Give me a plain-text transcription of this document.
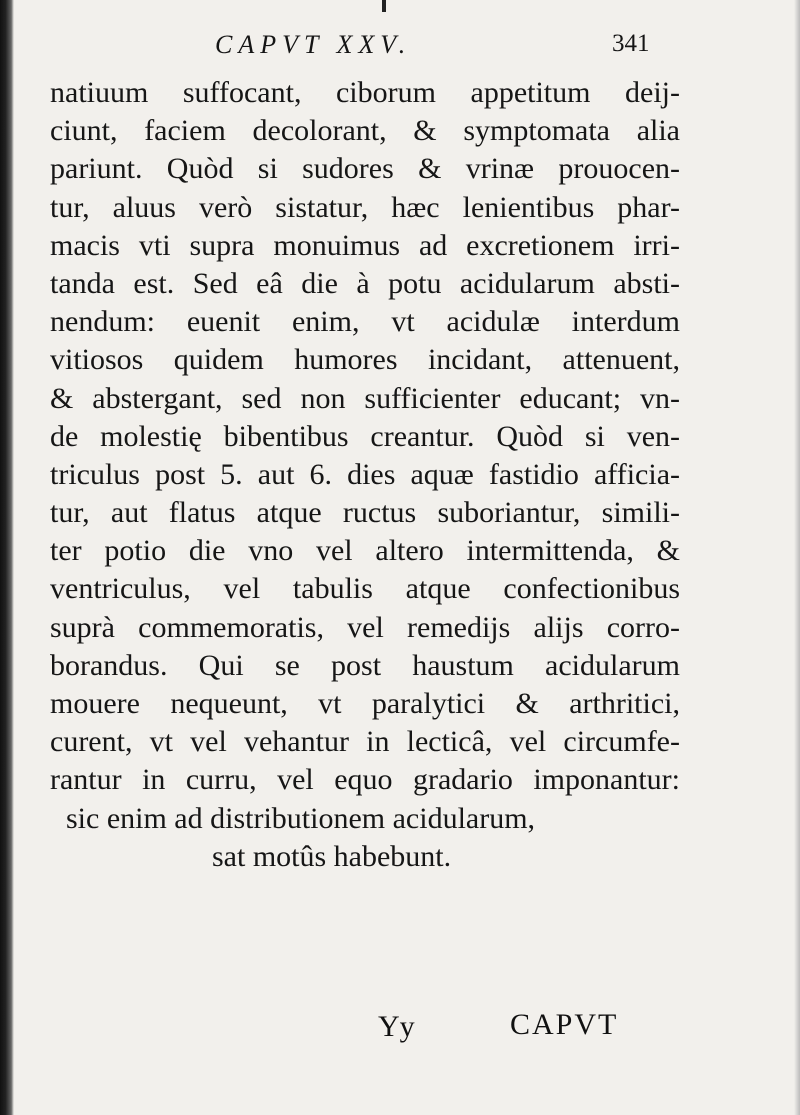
CAPVT XXV.	341
natiuum suffocant, ciborum appetitum deij-
ciunt, faciem decolorant, & symptomata alia
pariunt. Quòd si sudores & vrinæ prouocen-
tur, aluus verò sistatur, hæc lenientibus phar-
macis vti supra monuimus ad excretionem irri-
tanda est. Sed eâ die à potu acidularum absti-
nendum: euenit enim, vt acidulæ interdum
vitiosos quidem humores incidant, attenuent,
& abstergant, sed non sufficienter educant; vn-
de molestię bibentibus creantur. Quòd si ven-
triculus post 5. aut 6. dies aquæ fastidio afficia-
tur, aut flatus atque ructus suboriantur, simili-
ter potio die vno vel altero intermittenda, &
ventriculus, vel tabulis atque confectionibus
suprà commemoratis, vel remedijs alijs corro-
borandus. Qui se post haustum acidularum
mouere nequeunt, vt paralytici & arthritici,
curent, vt vel vehantur in lecticâ, vel circumfe-
rantur in curru, vel equo gradario imponantur:
sic enim ad distributionem acidularum,
sat motûs habebunt.
Yy	CAPVT
